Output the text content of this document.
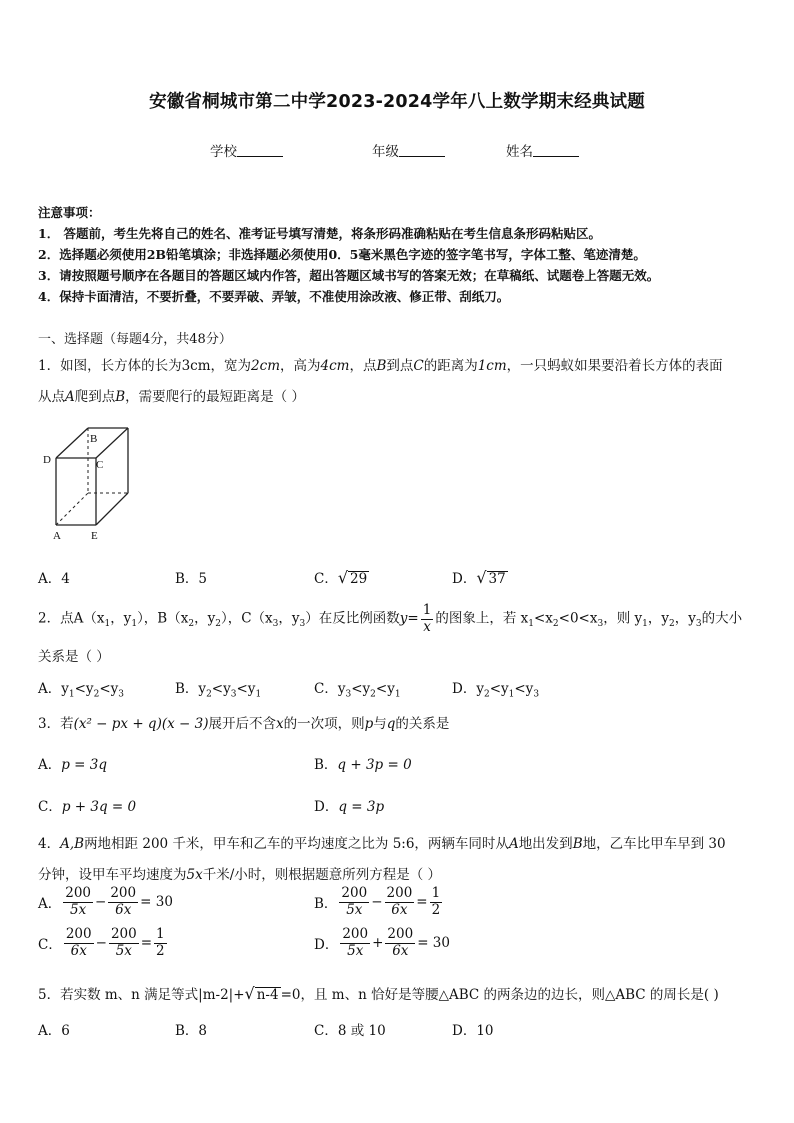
安徽省桐城市第二中学2023-2024学年八上数学期末经典试题
学校	年级	姓名
注意事项：
1． 答题前，考生先将自己的姓名、准考证号填写清楚，将条形码准确粘贴在考生信息条形码粘贴区。
2．选择题必须使用2B铅笔填涂；非选择题必须使用0．5毫米黑色字迹的签字笔书写，字体工整、笔迹清楚。
3．请按照题号顺序在各题目的答题区域内作答，超出答题区域书写的答案无效；在草稿纸、试题卷上答题无效。
4．保持卡面清洁，不要折叠，不要弄破、弄皱，不准使用涂改液、修正带、刮纸刀。
一、选择题（每题4分，共48分）
1．如图，长方体的长为3cm，宽为2cm，高为4cm，点B到点C的距离为1cm，一只蚂蚁如果要沿着长方体的表面
从点A爬到点B，需要爬行的最短距离是（ ）
B
C
D
A	E
A．4	B．5	C．√ 29	D．√ 37
2．点$A(x_1$，$y_1$），$B(x_2$，$y_2$），$C(x_3$，$y_3$）在反比例函数$y= \frac{1}{x}$ 的图象上，若 $x_1<x_2<0<x_3$，则 $y_1$，$y_2$，$y_3$的大小
关系是（ ）
A．$y_1<y_2<y_3$	B．$y_2<y_3<y_1$	C．$y_3<y_2<y_1$	D．$y_2<y_1<y_3$
3．若(x² − px + q)(x − 3)展开后不含x的一次项，则p与q的关系是
A．p = 3q	B．q + 3p = 0
C．p + 3q = 0	D．q = 3p
4．A,B两地相距 200 千米，甲车和乙车的平均速度之比为 5:6，两辆车同时从A地出发到B地，乙车比甲车早到 30
分钟，设甲车平均速度为5x千米/小时，则根据题意所列方程是（ ）
A． $\frac{200}{5x} - \frac{200}{6x} = 30$	B． $\frac{200}{5x} - \frac{200}{6x} = \frac{1}{2}$
C． $\frac{200}{6x} - \frac{200}{5x} = \frac{1}{2}$	D． $\frac{200}{5x} + \frac{200}{6x} = 30$
5．若实数 m、n 满足等式|m-2|+√ n-4 =0，且 m、n 恰好是等腰△ABC 的两条边的边长，则△ABC 的周长是( )
A．6	B．8	C．8 或 10	D．10
